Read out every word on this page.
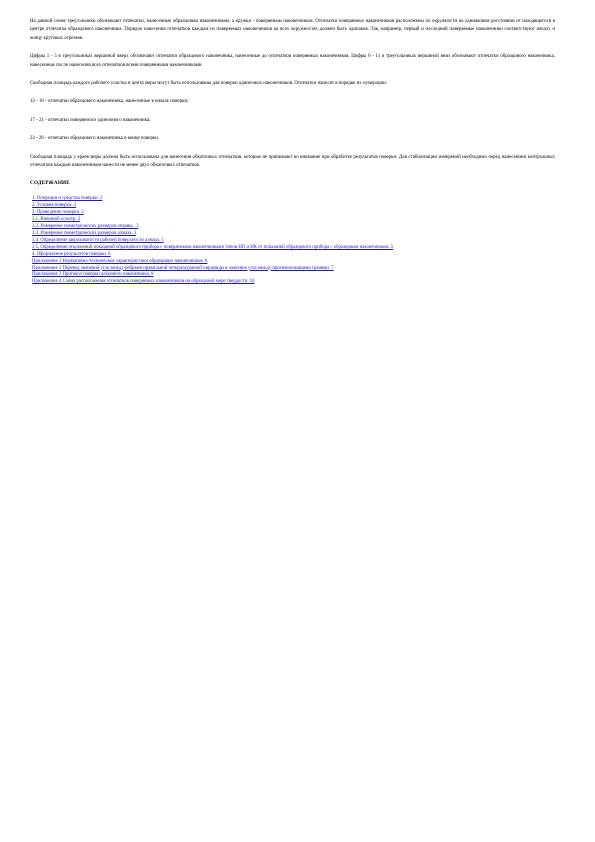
На данной схеме треугольники обозначают отпечатки, нанесенные образцовым наконечником, а кружки - поверяемым наконечником. Отпечатки поверяемых наконечников расположены по окружности на одинаковом расстоянии от находящегося в центре отпечатка образцового наконечника. Порядок нанесения отпечатков каждым из поверяемых наконечников на всех окружностях должен быть одинаков. Так, например, первый и последний поверяемые наконечники соответствуют началу и концу круговых отрезков.

Цифры 1 - 5 в треугольниках вершиной вверх обозначают отпечатки образцового наконечника, нанесенные до отпечатков поверяемых наконечников. Цифры 6 - 11 в треугольниках вершиной вниз обозначают отпечатки образцового наконечника, нанесенные после нанесения всех отпечатков всеми поверяемыми наконечниками.

Свободная площадь каждого рабочего участка и центр меры могут быть использованы для поверки одиночных наконечников. Отпечатки наносят в порядке их нумерации:

12 - 16 - отпечатки образцового наконечника, нанесенные в начале поверки;

17 - 21 - отпечатки поверяемого одиночного наконечника;

22 - 26 - отпечатки образцового наконечника в конце поверки.

Свободная площадь у краев меры должна быть использована для нанесения обкаточных отпечатков, которые не принимают во внимание при обработке результатов поверки. Для стабилизации измерений необходимо перед нанесением контрольных отпечатков каждым наконечником нанести не менее двух обкаточных отпечатков.

СОДЕРЖАНИЕ
1. Операции и средства поверки. 2
2. Условия поверки. 2
3. Проведение поверки. 2
3.1. Внешний осмотр. 2
3.2. Измерение геометрических размеров оправы.. 3
3.3. Измерение геометрических размеров алмаза. 3
3.4. Определение шероховатости рабочей поверхности алмаза. 5
3.5. Определение отклонений показаний образцового прибора с поверяемыми наконечниками типов НП и НК от показаний образцового прибора с образцовым наконечником. 5
4. Оформление результатов поверки. 6
Приложение 1 Нормативно-технические характеристики образцовых наконечников. 6
Приложение 2 Перевод значений угла между ребрами правильной четырехгранной пирамиды в значение угла между противолежащими гранями. 7
Приложение 3 Протокол поверки алмазного наконечника. 8
Приложение 4 Схема расположения отпечатков поверяемых наконечников на образцовой мере твердости. 10
